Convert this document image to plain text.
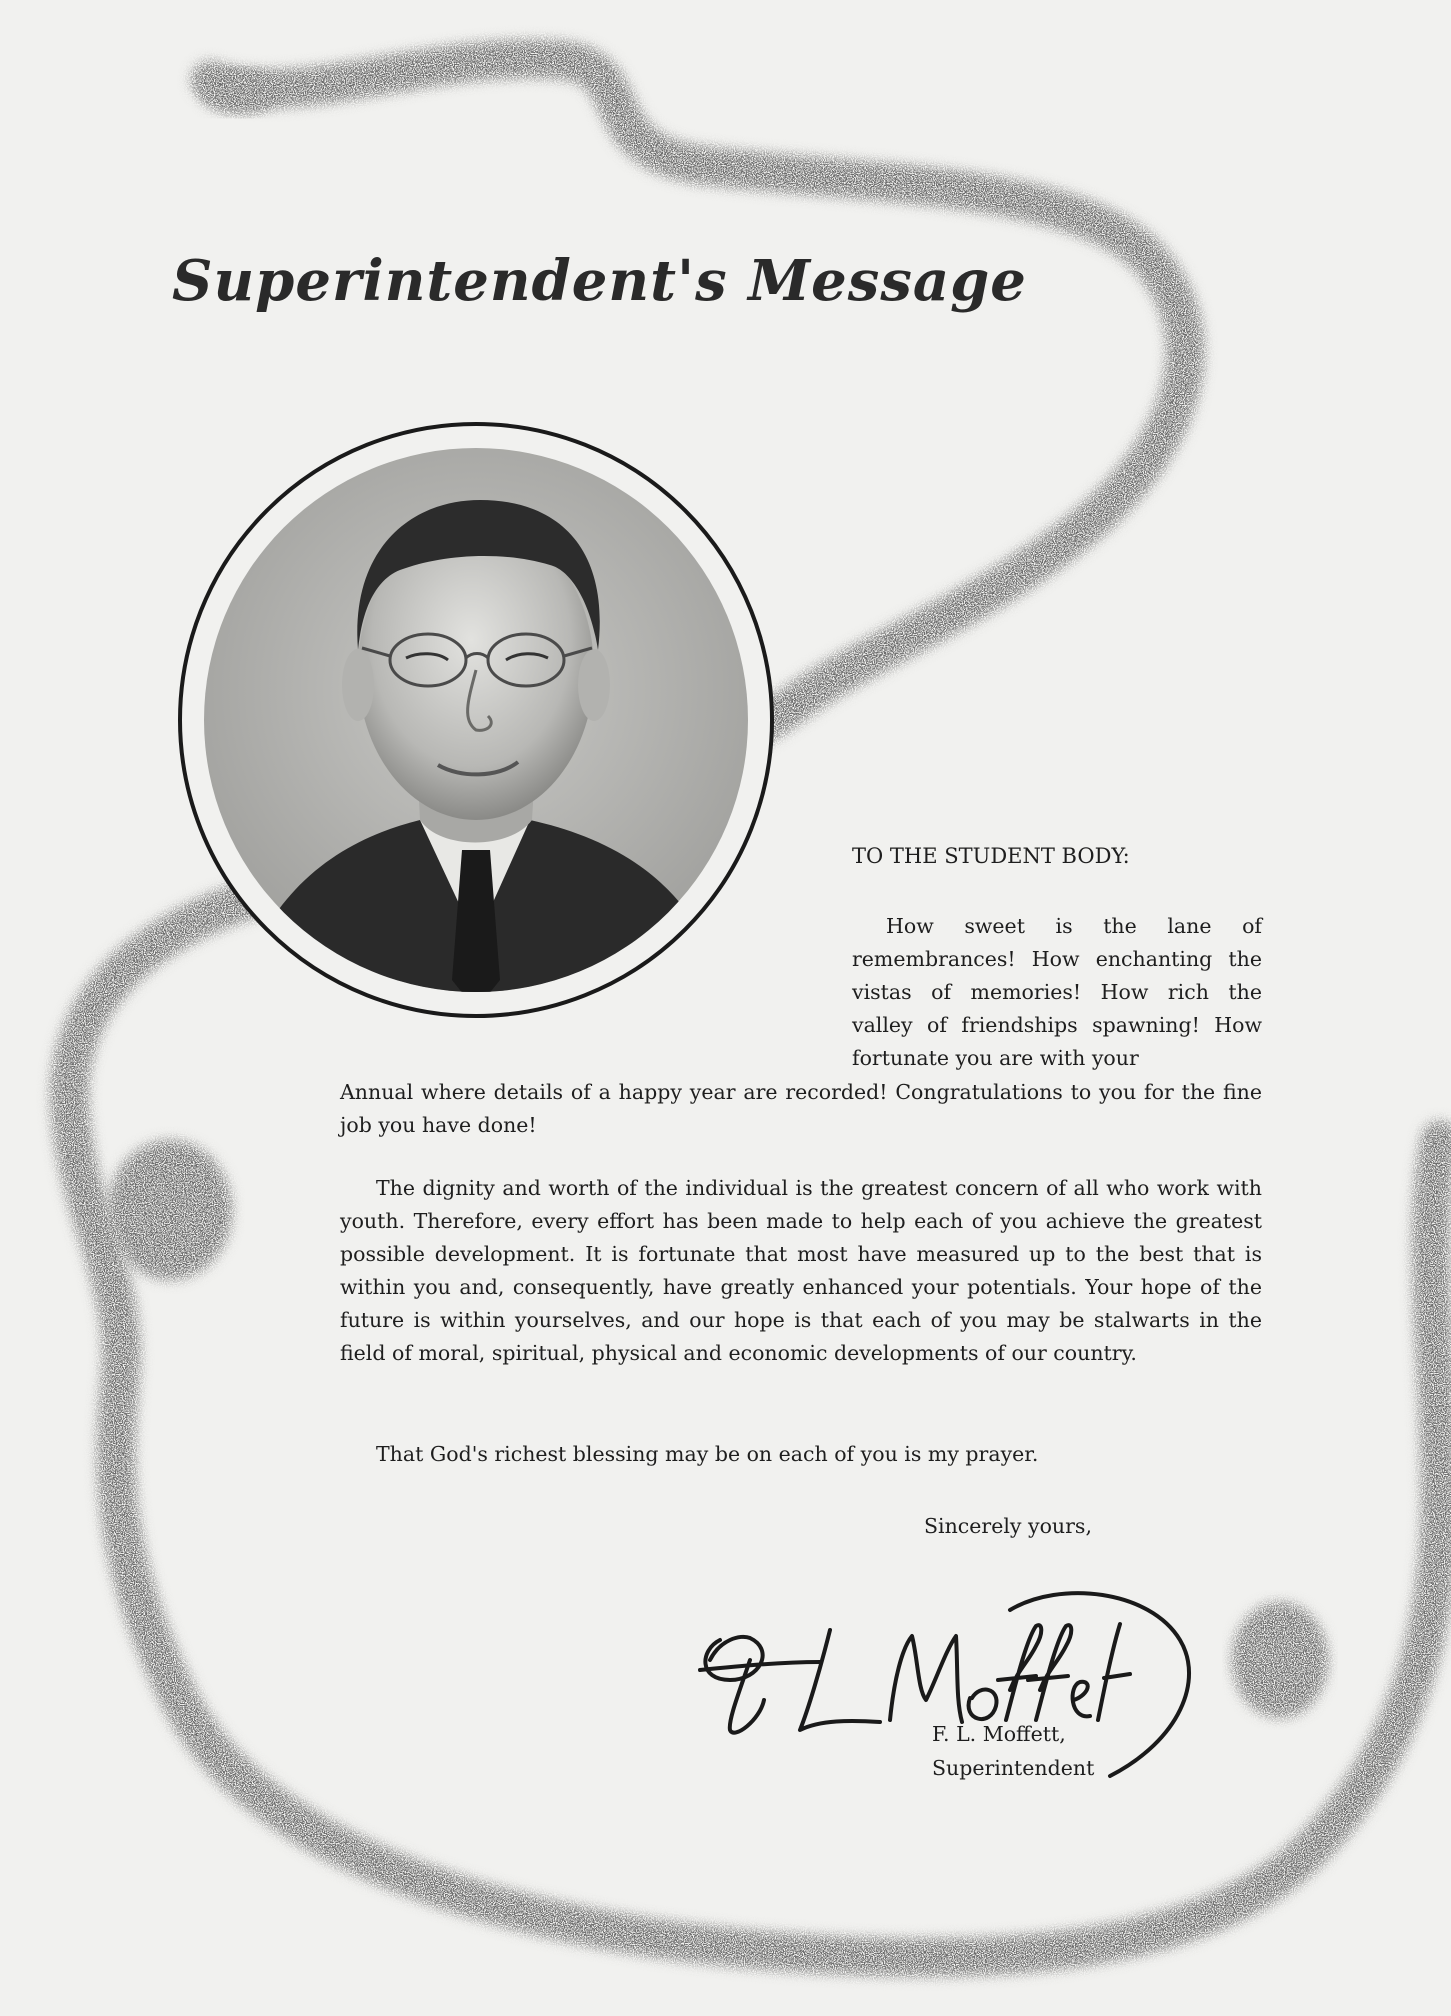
Superintendent's Message
TO THE STUDENT BODY:
How sweet is the lane of remembrances! How enchanting the vistas of memories! How rich the valley of friendships spawning! How fortunate you are with your
Annual where details of a happy year are recorded! Congratulations to you for the fine job you have done!
The dignity and worth of the individual is the greatest concern of all who work with youth. Therefore, every effort has been made to help each of you achieve the greatest possible development. It is fortunate that most have measured up to the best that is within you and, consequently, have greatly enhanced your potentials. Your hope of the future is within yourselves, and our hope is that each of you may be stalwarts in the field of moral, spiritual, physical and economic developments of our country.
That God's richest blessing may be on each of you is my prayer.
Sincerely yours,
F. L. Moffett,
Superintendent
